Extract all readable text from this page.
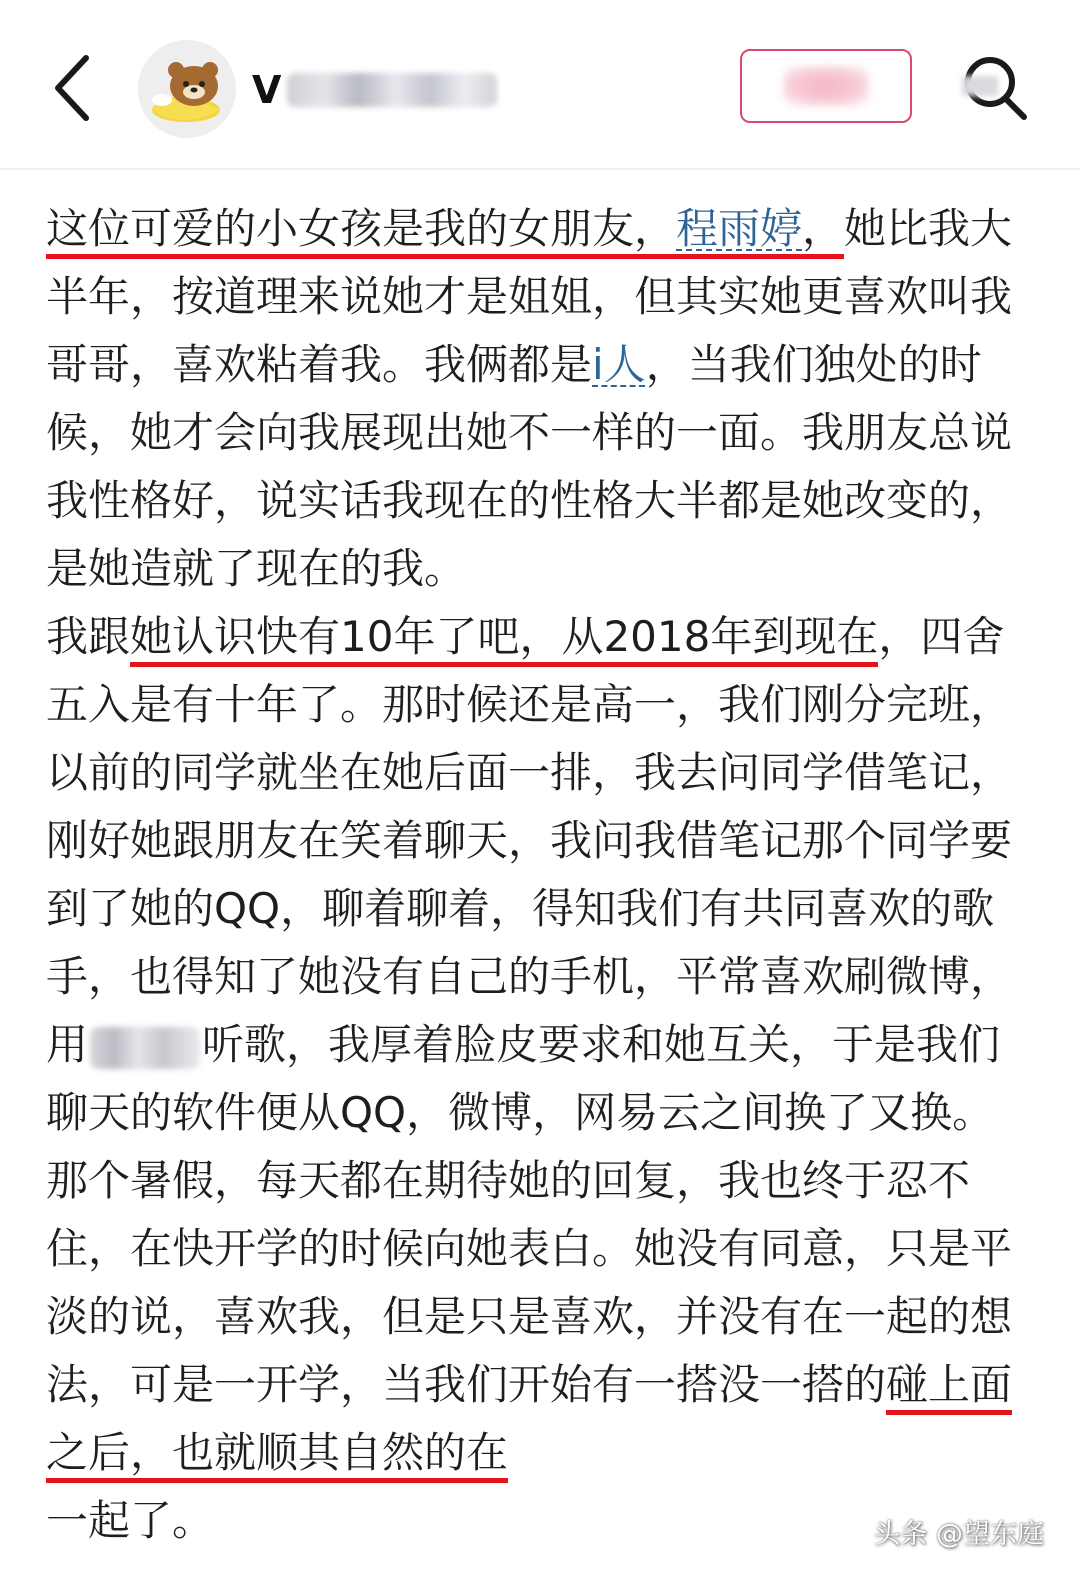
V

这位可爱的小女孩是我的女朋友，程雨婷，她比我大半年，按道理来说她才是姐姐，但其实她更喜欢叫我哥哥，喜欢粘着我。我俩都是i人，当我们独处的时候，她才会向我展现出她不一样的一面。我朋友总说我性格好，说实话我现在的性格大半都是她改变的，是她造就了现在的我。

我跟她认识快有10年了吧，从2018年到现在，四舍五入是有十年了。那时候还是高一，我们刚分完班，以前的同学就坐在她后面一排，我去问同学借笔记，刚好她跟朋友在笑着聊天，我问我借笔记那个同学要到了她的QQ，聊着聊着，得知我们有共同喜欢的歌手，也得知了她没有自己的手机，平常喜欢刷微博，用	听歌，我厚着脸皮要求和她互关，于是我们聊天的软件便从QQ，微博，网易云之间换了又换。那个暑假，每天都在期待她的回复，我也终于忍不住，在快开学的时候向她表白。她没有同意，只是平淡的说，喜欢我，但是只是喜欢，并没有在一起的想法，可是一开学，当我们开始有一搭没一搭的碰上面之后，也就顺其自然的在
一起了。	头条 @望东庭
